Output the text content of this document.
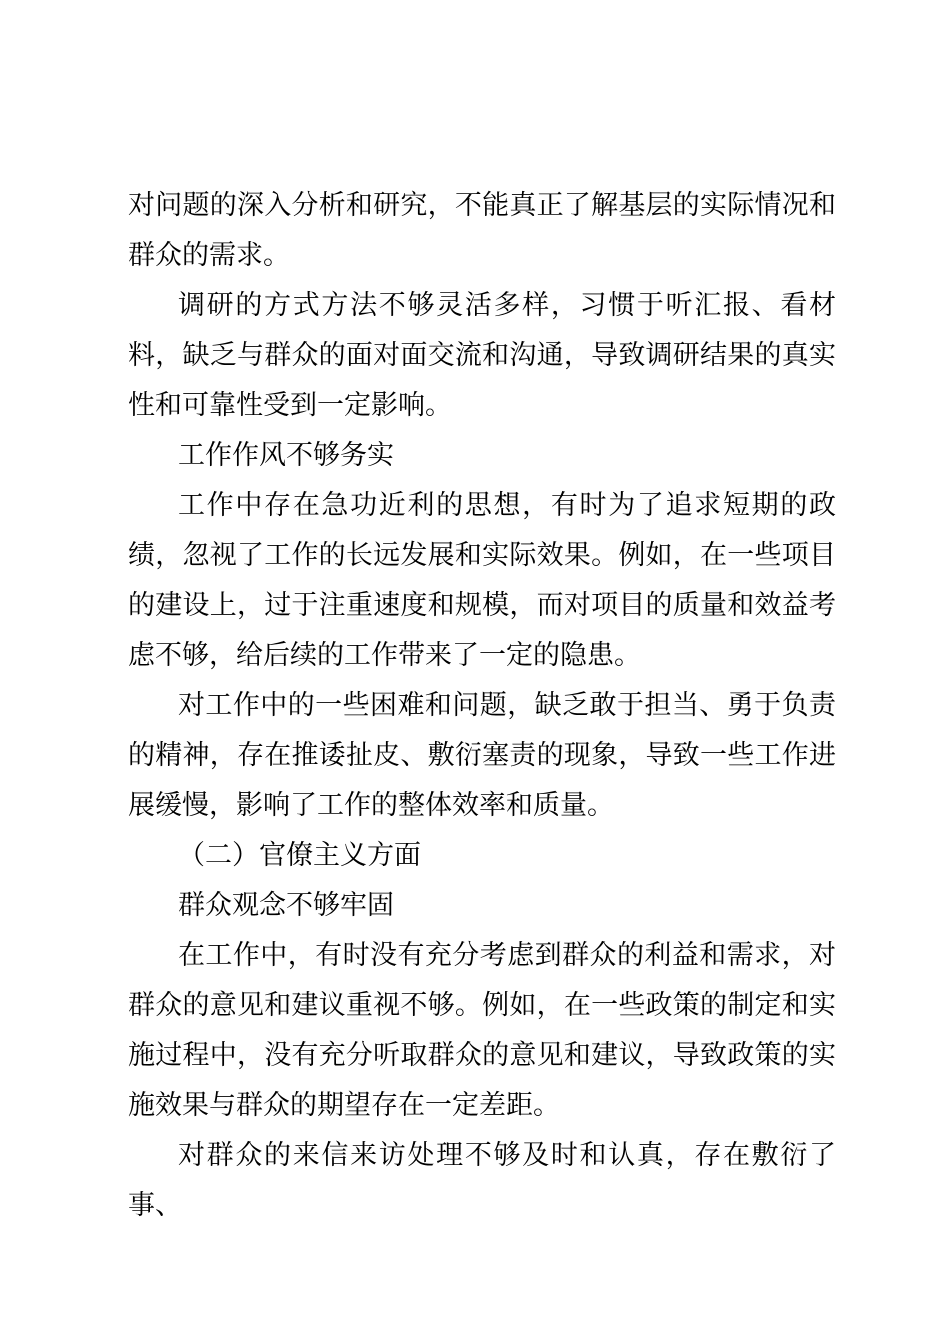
对问题的深入分析和研究，不能真正了解基层的实际情况和群众的需求。

调研的方式方法不够灵活多样，习惯于听汇报、看材料，缺乏与群众的面对面交流和沟通，导致调研结果的真实性和可靠性受到一定影响。

工作作风不够务实

工作中存在急功近利的思想，有时为了追求短期的政绩，忽视了工作的长远发展和实际效果。例如，在一些项目的建设上，过于注重速度和规模，而对项目的质量和效益考虑不够，给后续的工作带来了一定的隐患。

对工作中的一些困难和问题，缺乏敢于担当、勇于负责的精神，存在推诿扯皮、敷衍塞责的现象，导致一些工作进展缓慢，影响了工作的整体效率和质量。

（二）官僚主义方面

群众观念不够牢固

在工作中，有时没有充分考虑到群众的利益和需求，对群众的意见和建议重视不够。例如，在一些政策的制定和实施过程中，没有充分听取群众的意见和建议，导致政策的实施效果与群众的期望存在一定差距。

对群众的来信来访处理不够及时和认真，存在敷衍了事、
